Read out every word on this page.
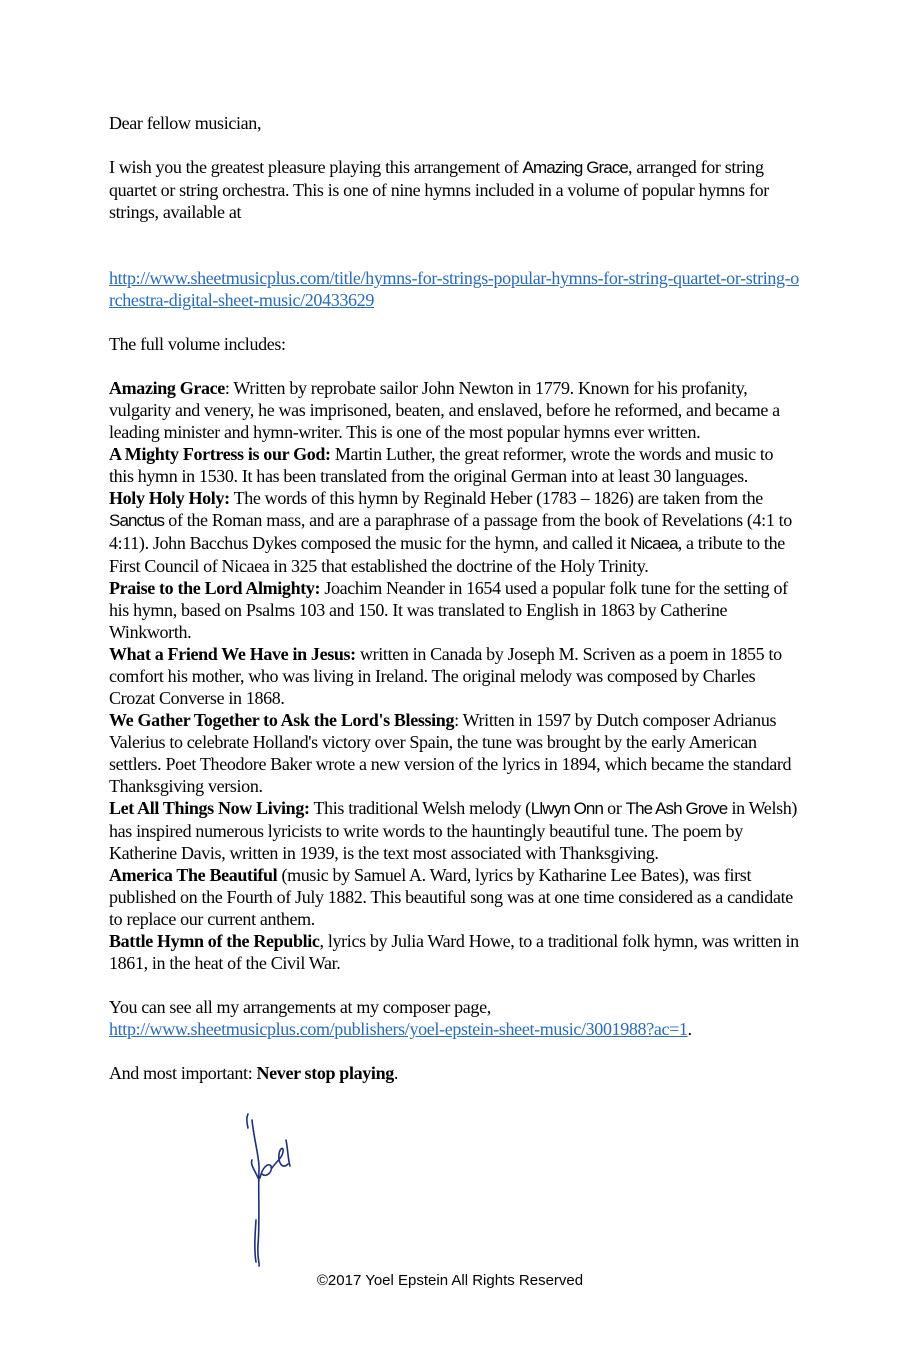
Dear fellow musician,

I wish you the greatest pleasure playing this arrangement of Amazing Grace, arranged for string quartet or string orchestra. This is one of nine hymns included in a volume of popular hymns for strings, available at

http://www.sheetmusicplus.com/title/hymns-for-strings-popular-hymns-for-string-quartet-or-string-orchestra-digital-sheet-music/20433629

The full volume includes:

Amazing Grace: Written by reprobate sailor John Newton in 1779. Known for his profanity, vulgarity and venery, he was imprisoned, beaten, and enslaved, before he reformed, and became a leading minister and hymn-writer. This is one of the most popular hymns ever written.

A Mighty Fortress is our God: Martin Luther, the great reformer, wrote the words and music to this hymn in 1530. It has been translated from the original German into at least 30 languages.

Holy Holy Holy: The words of this hymn by Reginald Heber (1783 – 1826) are taken from the Sanctus of the Roman mass, and are a paraphrase of a passage from the book of Revelations (4:1 to 4:11). John Bacchus Dykes composed the music for the hymn, and called it Nicaea, a tribute to the First Council of Nicaea in 325 that established the doctrine of the Holy Trinity.

Praise to the Lord Almighty: Joachim Neander in 1654 used a popular folk tune for the setting of his hymn, based on Psalms 103 and 150. It was translated to English in 1863 by Catherine Winkworth.

What a Friend We Have in Jesus: written in Canada by Joseph M. Scriven as a poem in 1855 to comfort his mother, who was living in Ireland. The original melody was composed by Charles Crozat Converse in 1868.

We Gather Together to Ask the Lord's Blessing: Written in 1597 by Dutch composer Adrianus Valerius to celebrate Holland's victory over Spain, the tune was brought by the early American settlers. Poet Theodore Baker wrote a new version of the lyrics in 1894, which became the standard Thanksgiving version.

Let All Things Now Living: This traditional Welsh melody (Llwyn Onn or The Ash Grove in Welsh) has inspired numerous lyricists to write words to the hauntingly beautiful tune. The poem by Katherine Davis, written in 1939, is the text most associated with Thanksgiving.

America The Beautiful (music by Samuel A. Ward, lyrics by Katharine Lee Bates), was first published on the Fourth of July 1882. This beautiful song was at one time considered as a candidate to replace our current anthem.

Battle Hymn of the Republic, lyrics by Julia Ward Howe, to a traditional folk hymn, was written in 1861, in the heat of the Civil War.

You can see all my arrangements at my composer page,
http://www.sheetmusicplus.com/publishers/yoel-epstein-sheet-music/3001988?ac=1.

And most important: Never stop playing.

©2017 Yoel Epstein All Rights Reserved
